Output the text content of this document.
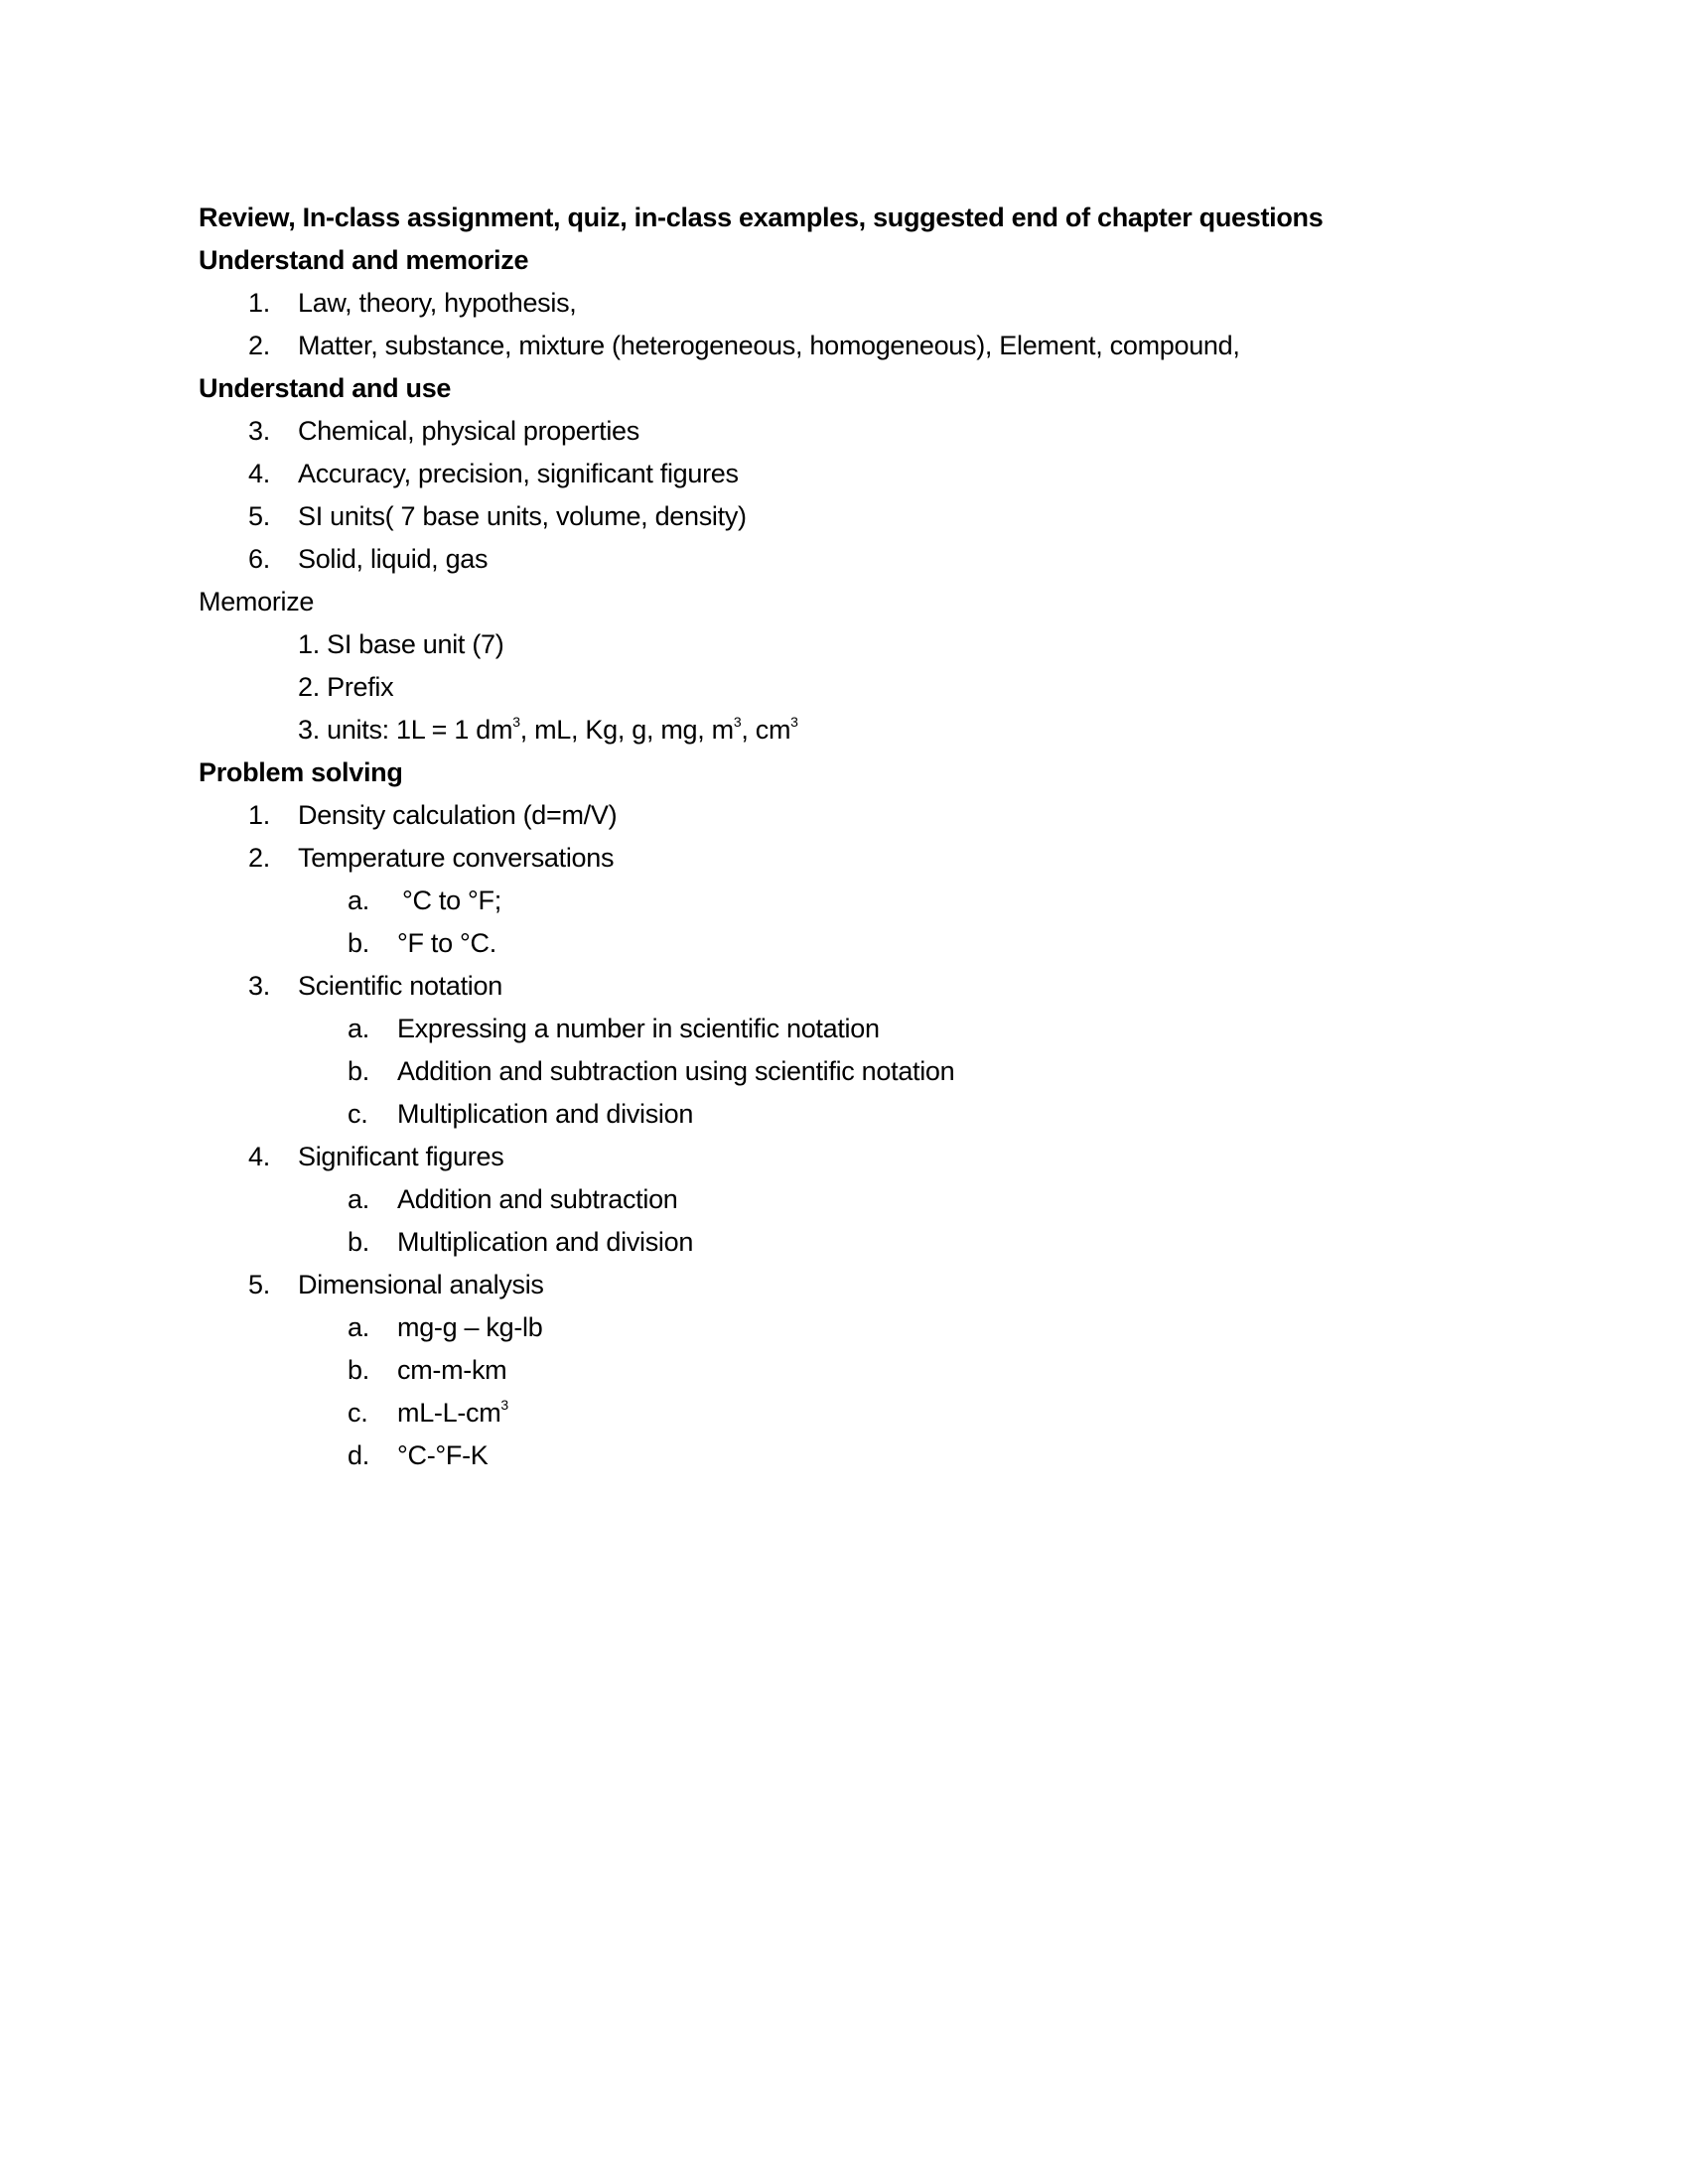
Review, In-class assignment, quiz, in-class examples, suggested end of chapter questions
Understand and memorize
1. Law, theory, hypothesis,
2. Matter, substance, mixture (heterogeneous, homogeneous), Element, compound,
Understand and use
3. Chemical, physical properties
4. Accuracy, precision, significant figures
5. SI units( 7 base units, volume, density)
6. Solid, liquid, gas
Memorize
1. SI base unit (7)
2. Prefix
3. units: 1L = 1 $dm^3$, mL, Kg, g, mg, $m^3$, $cm^3$
Problem solving
1. Density calculation (d=m/V)
2. Temperature conversations
a. °C to °F;
b. °F to °C.
3. Scientific notation
a. Expressing a number in scientific notation
b. Addition and subtraction using scientific notation
c. Multiplication and division
4. Significant figures
a. Addition and subtraction
b. Multiplication and division
5. Dimensional analysis
a. mg-g – kg-lb
b. cm-m-km
c. $mL-L-cm^3$
d. °C-°F-K
